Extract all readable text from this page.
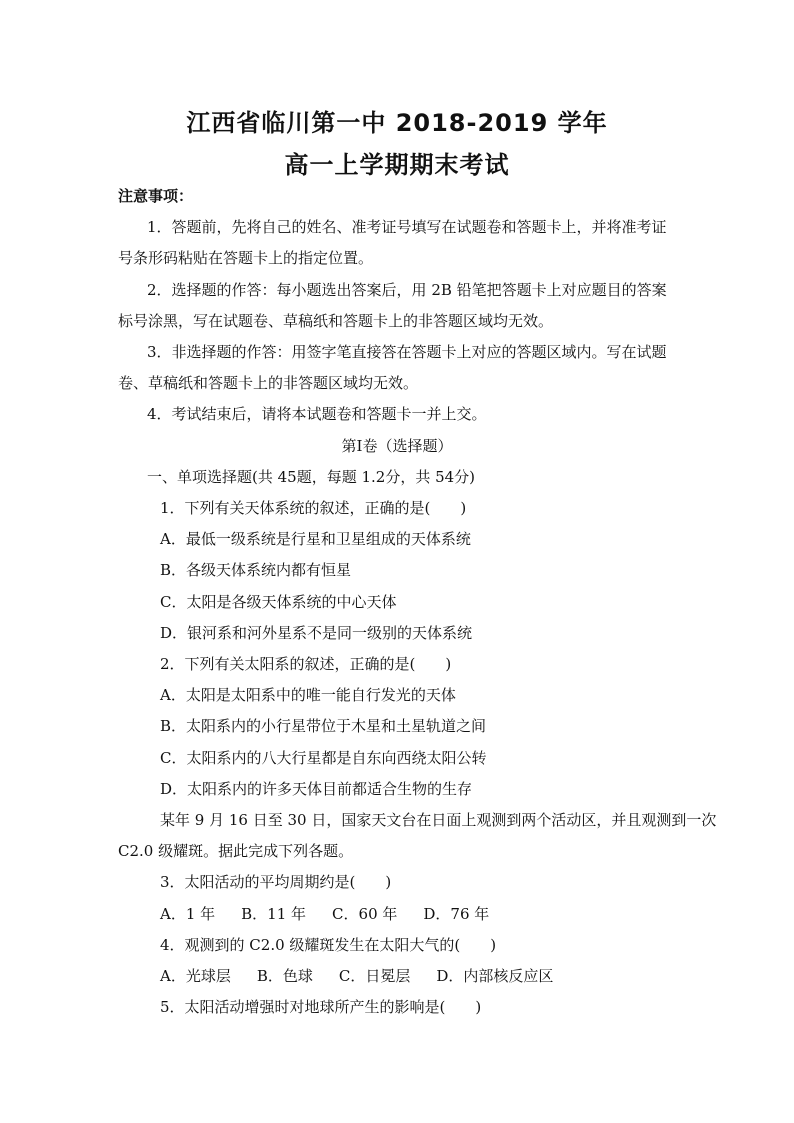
江西省临川第一中 2018-2019 学年
高一上学期期末考试
注意事项：
1．答题前，先将自己的姓名、准考证号填写在试题卷和答题卡上，并将准考证
号条形码粘贴在答题卡上的指定位置。
2．选择题的作答：每小题选出答案后，用 2B 铅笔把答题卡上对应题目的答案
标号涂黑，写在试题卷、草稿纸和答题卡上的非答题区域均无效。
3．非选择题的作答：用签字笔直接答在答题卡上对应的答题区域内。写在试题
卷、草稿纸和答题卡上的非答题区域均无效。
4．考试结束后，请将本试题卷和答题卡一并上交。
第Ⅰ卷（选择题）
一、单项选择题(共 45题，每题 1.2分，共 54分)
1．下列有关天体系统的叙述，正确的是(　　)
A．最低一级系统是行星和卫星组成的天体系统
B．各级天体系统内都有恒星
C．太阳是各级天体系统的中心天体
D．银河系和河外星系不是同一级别的天体系统
2．下列有关太阳系的叙述，正确的是(　　)
A．太阳是太阳系中的唯一能自行发光的天体
B．太阳系内的小行星带位于木星和土星轨道之间
C．太阳系内的八大行星都是自东向西绕太阳公转
D．太阳系内的许多天体目前都适合生物的生存
某年 9 月 16 日至 30 日，国家天文台在日面上观测到两个活动区，并且观测到一次
C2.0 级耀斑。据此完成下列各题。
3．太阳活动的平均周期约是(　　)
A．1 年 B．11 年 C．60 年 D．76 年
4．观测到的 C2.0 级耀斑发生在太阳大气的(　　)
A．光球层 B．色球 C．日冕层 D．内部核反应区
5．太阳活动增强时对地球所产生的影响是(　　)
